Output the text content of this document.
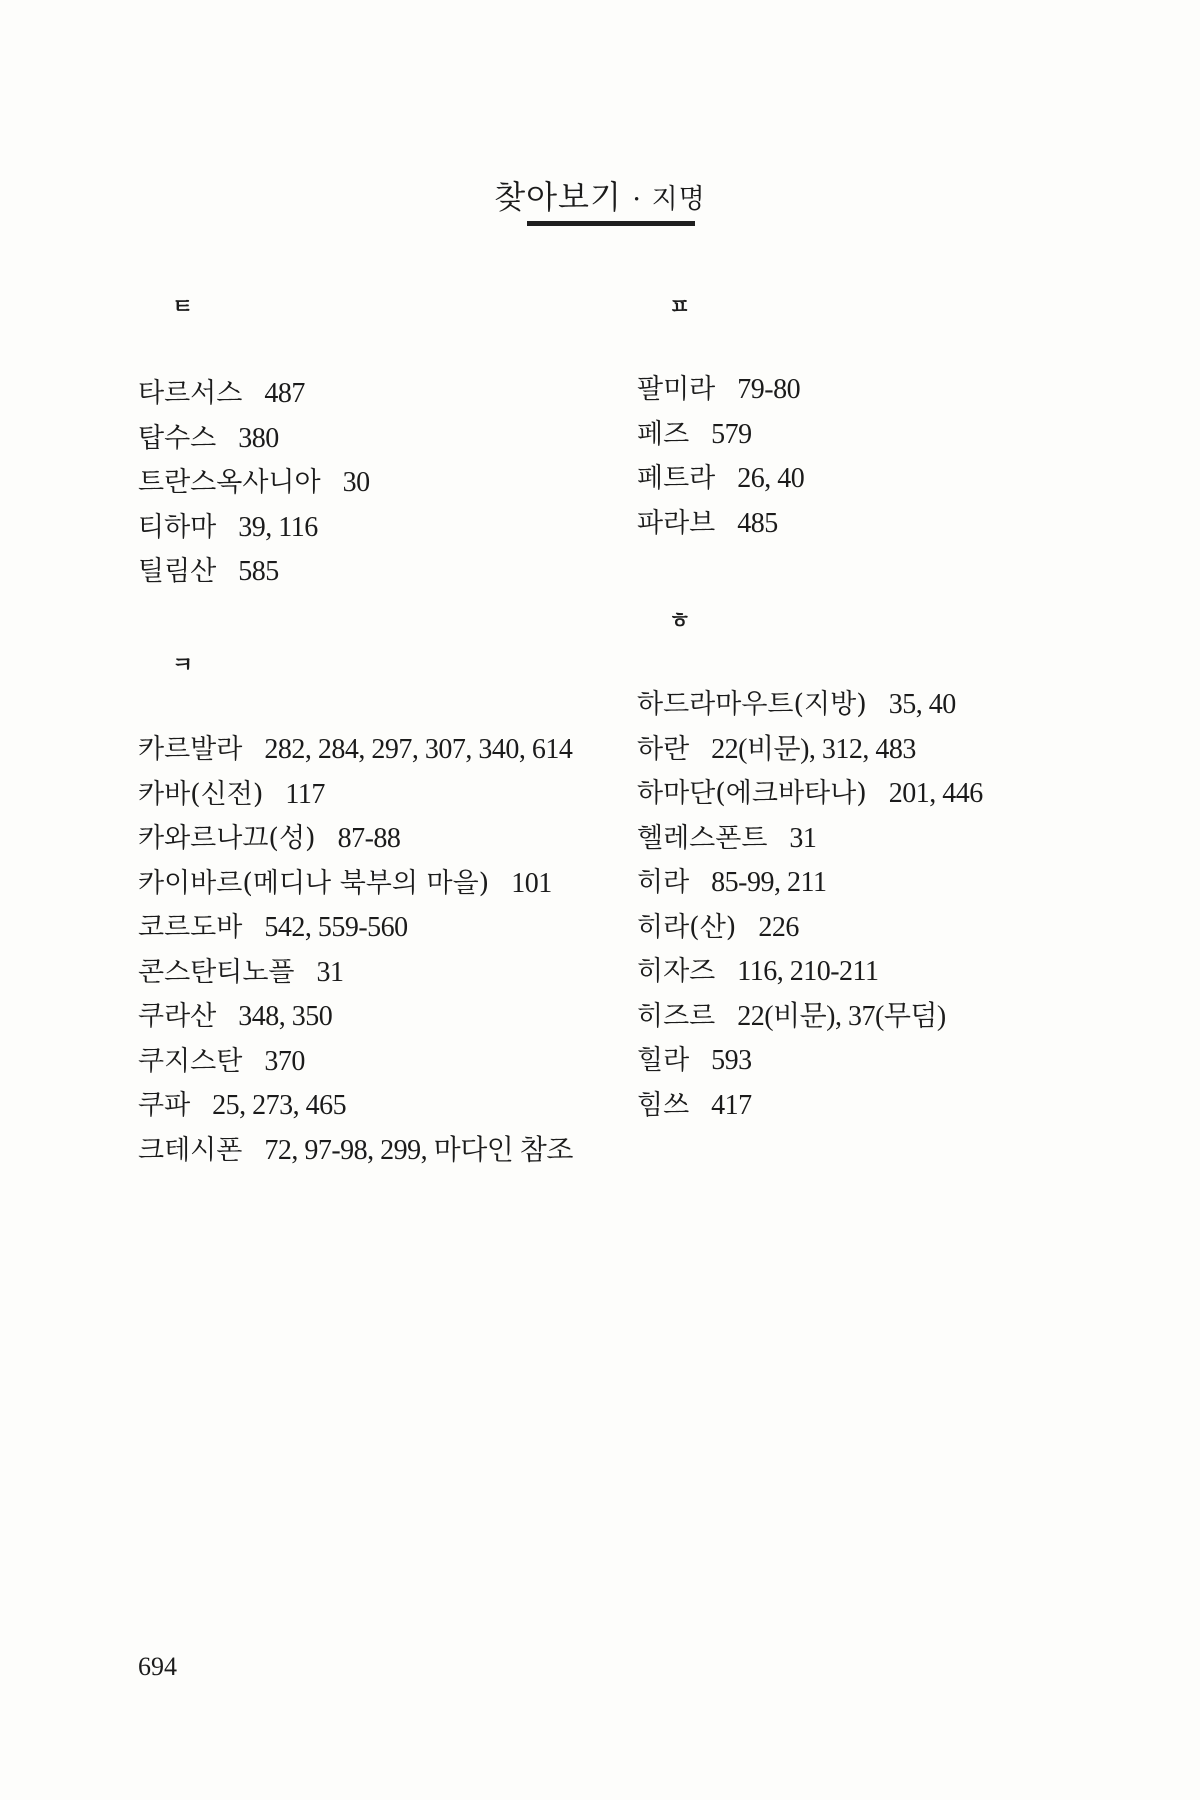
찾아보기 · 지명
ㅌ
타르서스 487
탑수스 380
트란스옥사니아 30
티하마 39, 116
틸림산 585
ㅋ
카르발라 282, 284, 297, 307, 340, 614
카바(신전) 117
카와르나끄(성) 87-88
카이바르(메디나 북부의 마을) 101
코르도바 542, 559-560
콘스탄티노플 31
쿠라산 348, 350
쿠지스탄 370
쿠파 25, 273, 465
크테시폰 72, 97-98, 299, 마다인 참조
ㅍ
팔미라 79-80
페즈 579
페트라 26, 40
파라브 485
ㅎ
하드라마우트(지방) 35, 40
하란 22(비문), 312, 483
하마단(에크바타나) 201, 446
헬레스폰트 31
히라 85-99, 211
히라(산) 226
히자즈 116, 210-211
히즈르 22(비문), 37(무덤)
힐라 593
힘쓰 417
694
